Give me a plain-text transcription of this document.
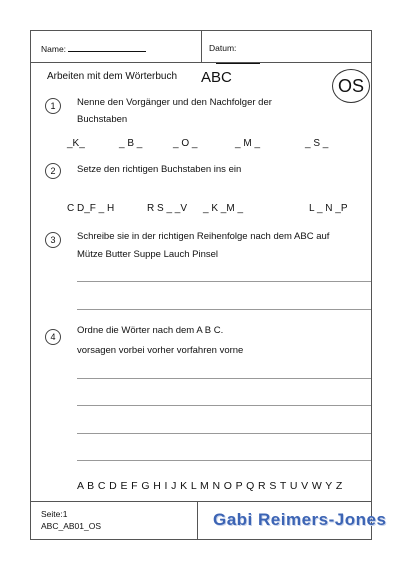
Name:	Datum:
Arbeiten mit dem Wörterbuch ABC	OS
1	Nenne den Vorgänger und den Nachfolger der
Buchstaben
_K_	_ B _	_ O _	_ M _	_ S _
2	Setze den richtigen Buchstaben ins ein
C D_F _ H	R S _ _V _ K _M _	L _ N _P
3	Schreibe sie in der richtigen Reihenfolge nach dem ABC auf
Mütze Butter Suppe Lauch Pinsel
4
Ordne die Wörter nach dem A B C.
vorsagen vorbei vorher vorfahren vorne
A B C D E F G H I J K L M N O P Q R S T U V W Y Z
Seite:1
ABC_AB01_OS	Gabi Reimers-Jones
